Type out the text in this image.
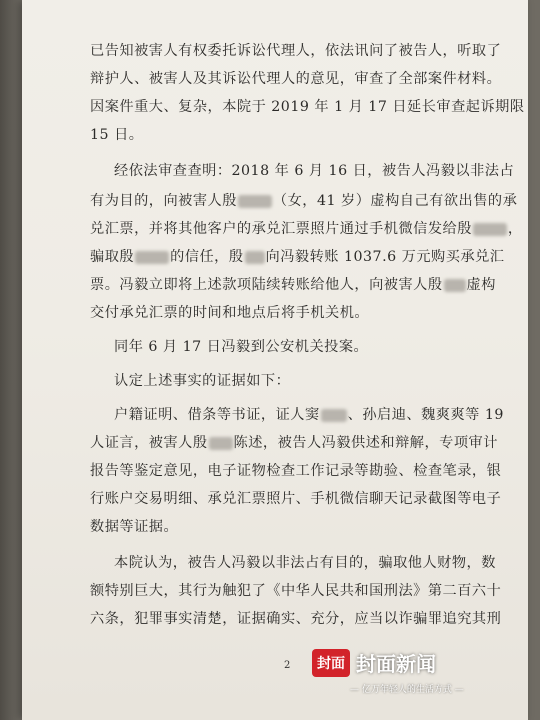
已告知被害人有权委托诉讼代理人，依法讯问了被告人，听取了
辩护人、被害人及其诉讼代理人的意见，审查了全部案件材料。
因案件重大、复杂，本院于 2019 年 1 月 17 日延长审查起诉期限
15 日。
经依法审查查明：2018 年 6 月 16 日，被告人冯毅以非法占
有为目的，向被害人殷	（女，41 岁）虚构自己有欲出售的承
兑汇票，并将其他客户的承兑汇票照片通过手机微信发给殷	，
骗取殷	的信任，殷 向冯毅转账 1037.6 万元购买承兑汇
票。冯毅立即将上述款项陆续转账给他人，向被害人殷 虚构
交付承兑汇票的时间和地点后将手机关机。
同年 6 月 17 日冯毅到公安机关投案。
认定上述事实的证据如下：
户籍证明、借条等书证，证人窦 、孙启迪、魏爽爽等 19
人证言，被害人殷 陈述，被告人冯毅供述和辩解，专项审计
报告等鉴定意见，电子证物检查工作记录等勘验、检查笔录，银
行账户交易明细、承兑汇票照片、手机微信聊天记录截图等电子
数据等证据。
本院认为，被告人冯毅以非法占有目的，骗取他人财物，数
额特别巨大，其行为触犯了《中华人民共和国刑法》第二百六十
六条，犯罪事实清楚，证据确实、充分，应当以诈骗罪追究其刑
2	封面 封面新闻
— 亿万年轻人的生活方式 —
